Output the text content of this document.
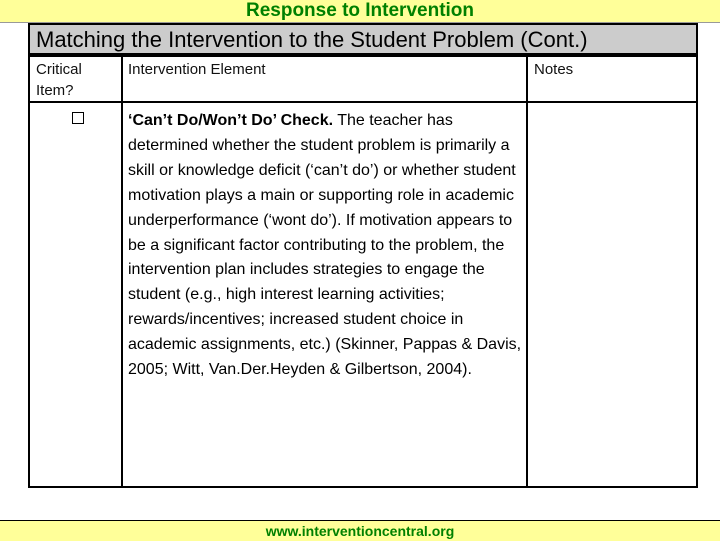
Response to Intervention
Matching the Intervention to the Student Problem (Cont.)
Critical
Item?
Intervention Element	Notes
‘Can’t Do/Won’t Do’ Check. The teacher has determined whether the student problem is primarily a skill or knowledge deficit (‘can’t do’) or whether student motivation plays a main or supporting role in academic underperformance (‘wont do’). If motivation appears to be a significant factor contributing to the problem, the intervention plan includes strategies to engage the student (e.g., high interest learning activities; rewards/incentives; increased student choice in academic assignments, etc.) (Skinner, Pappas & Davis, 2005; Witt, Van.Der.Heyden & Gilbertson, 2004).
www.interventioncentral.org
